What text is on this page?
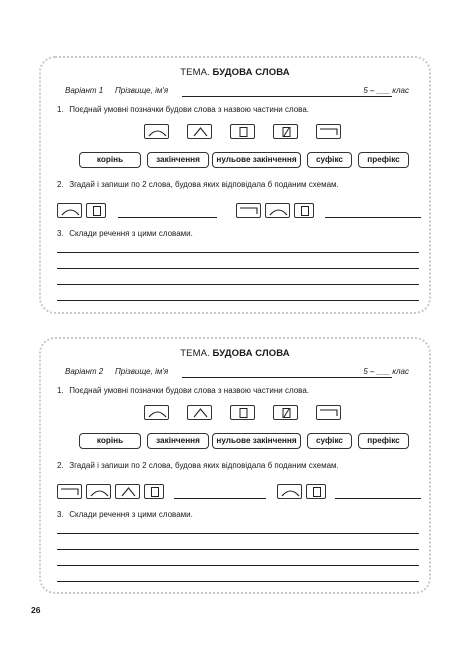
ТЕМА. БУДОВА СЛОВА
Варіант 1 Прізвище, ім'я	5 – ___ клас
1. Поєднай умовні позначки будови слова з назвою частини слова.
корінь	закінчення	нульове закінчення	суфікс	префікс
2. Згадай і запиши по 2 слова, будова яких відповідала б поданим схемам.
3. Склади речення з цими словами.
ТЕМА. БУДОВА СЛОВА
Варіант 2 Прізвище, ім'я	5 – ___ клас
1. Поєднай умовні позначки будови слова з назвою частини слова.
корінь	закінчення	нульове закінчення	суфікс	префікс
2. Згадай і запиши по 2 слова, будова яких відповідала б поданим схемам.
3. Склади речення з цими словами.
26
